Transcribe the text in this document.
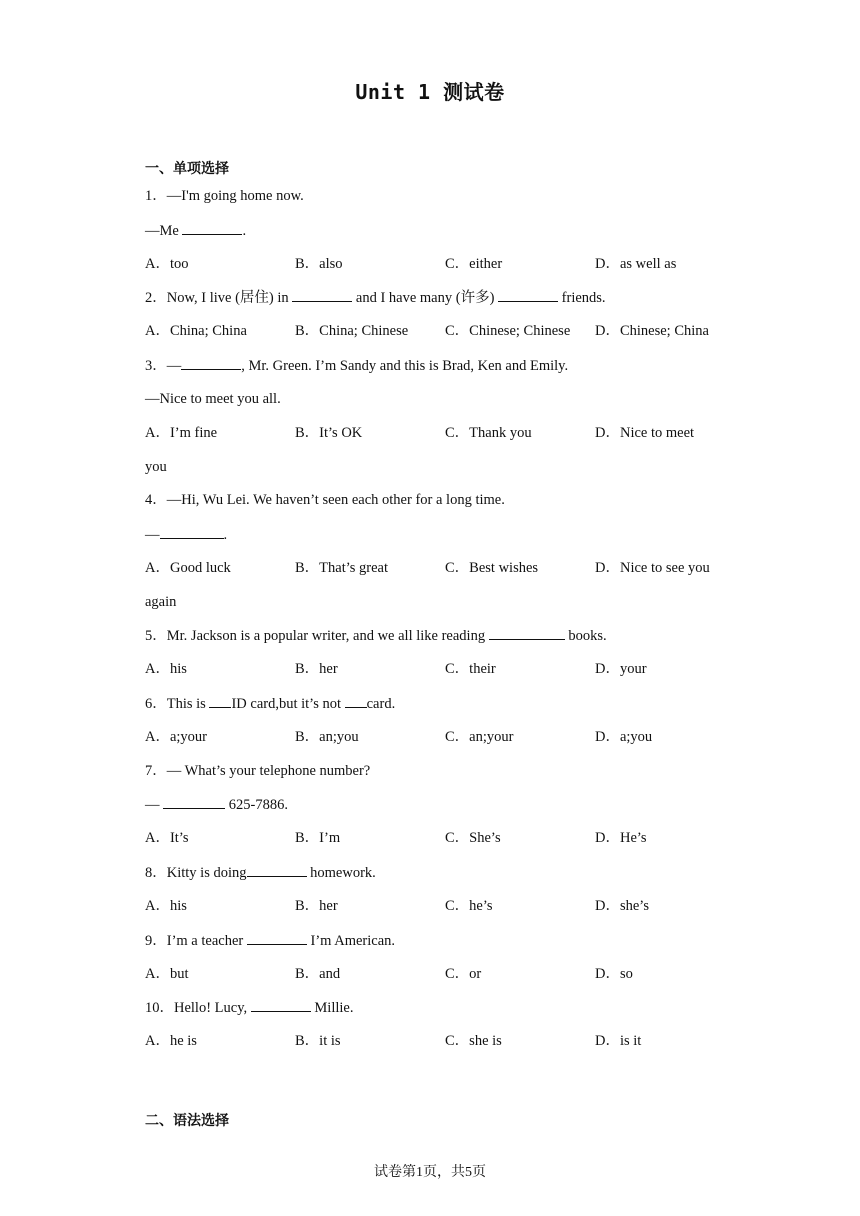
Unit 1 测试卷
一、单项选择
1．—I'm going home now.
—Me	.
A．too	B．also	C．either	D．as well as
2．Now, I live (居住) in	and I have many (许多)	friends.
A．China; China	B．China; Chinese	C．Chinese; Chinese D．Chinese; China
3．—	, Mr. Green. I’m Sandy and this is Brad, Ken and Emily.
—Nice to meet you all.
A．I’m fine	B．It’s OK	C．Thank you	D．Nice to meet
you
4．—Hi, Wu Lei. We haven’t seen each other for a long time.
—	.
A．Good luck	B．That’s great	C．Best wishes	D．Nice to see you
again
5．Mr. Jackson is a popular writer, and we all like reading	books.
A．his	B．her	C．their	D．your
6．This is ID card,but it’s not card.
A．a;your	B．an;you	C．an;your	D．a;you
7．— What’s your telephone number?
—	625-7886.
A．It’s	B．I’m	C．She’s	D．He’s
8．Kitty is doing	homework.
A．his	B．her	C．he’s	D．she’s
9．I’m a teacher	I’m American.
A．but	B．and	C．or	D．so
10．Hello! Lucy,	Millie.
A．he is	B．it is	C．she is	D．is it
二、语法选择
试卷第1页，共5页
